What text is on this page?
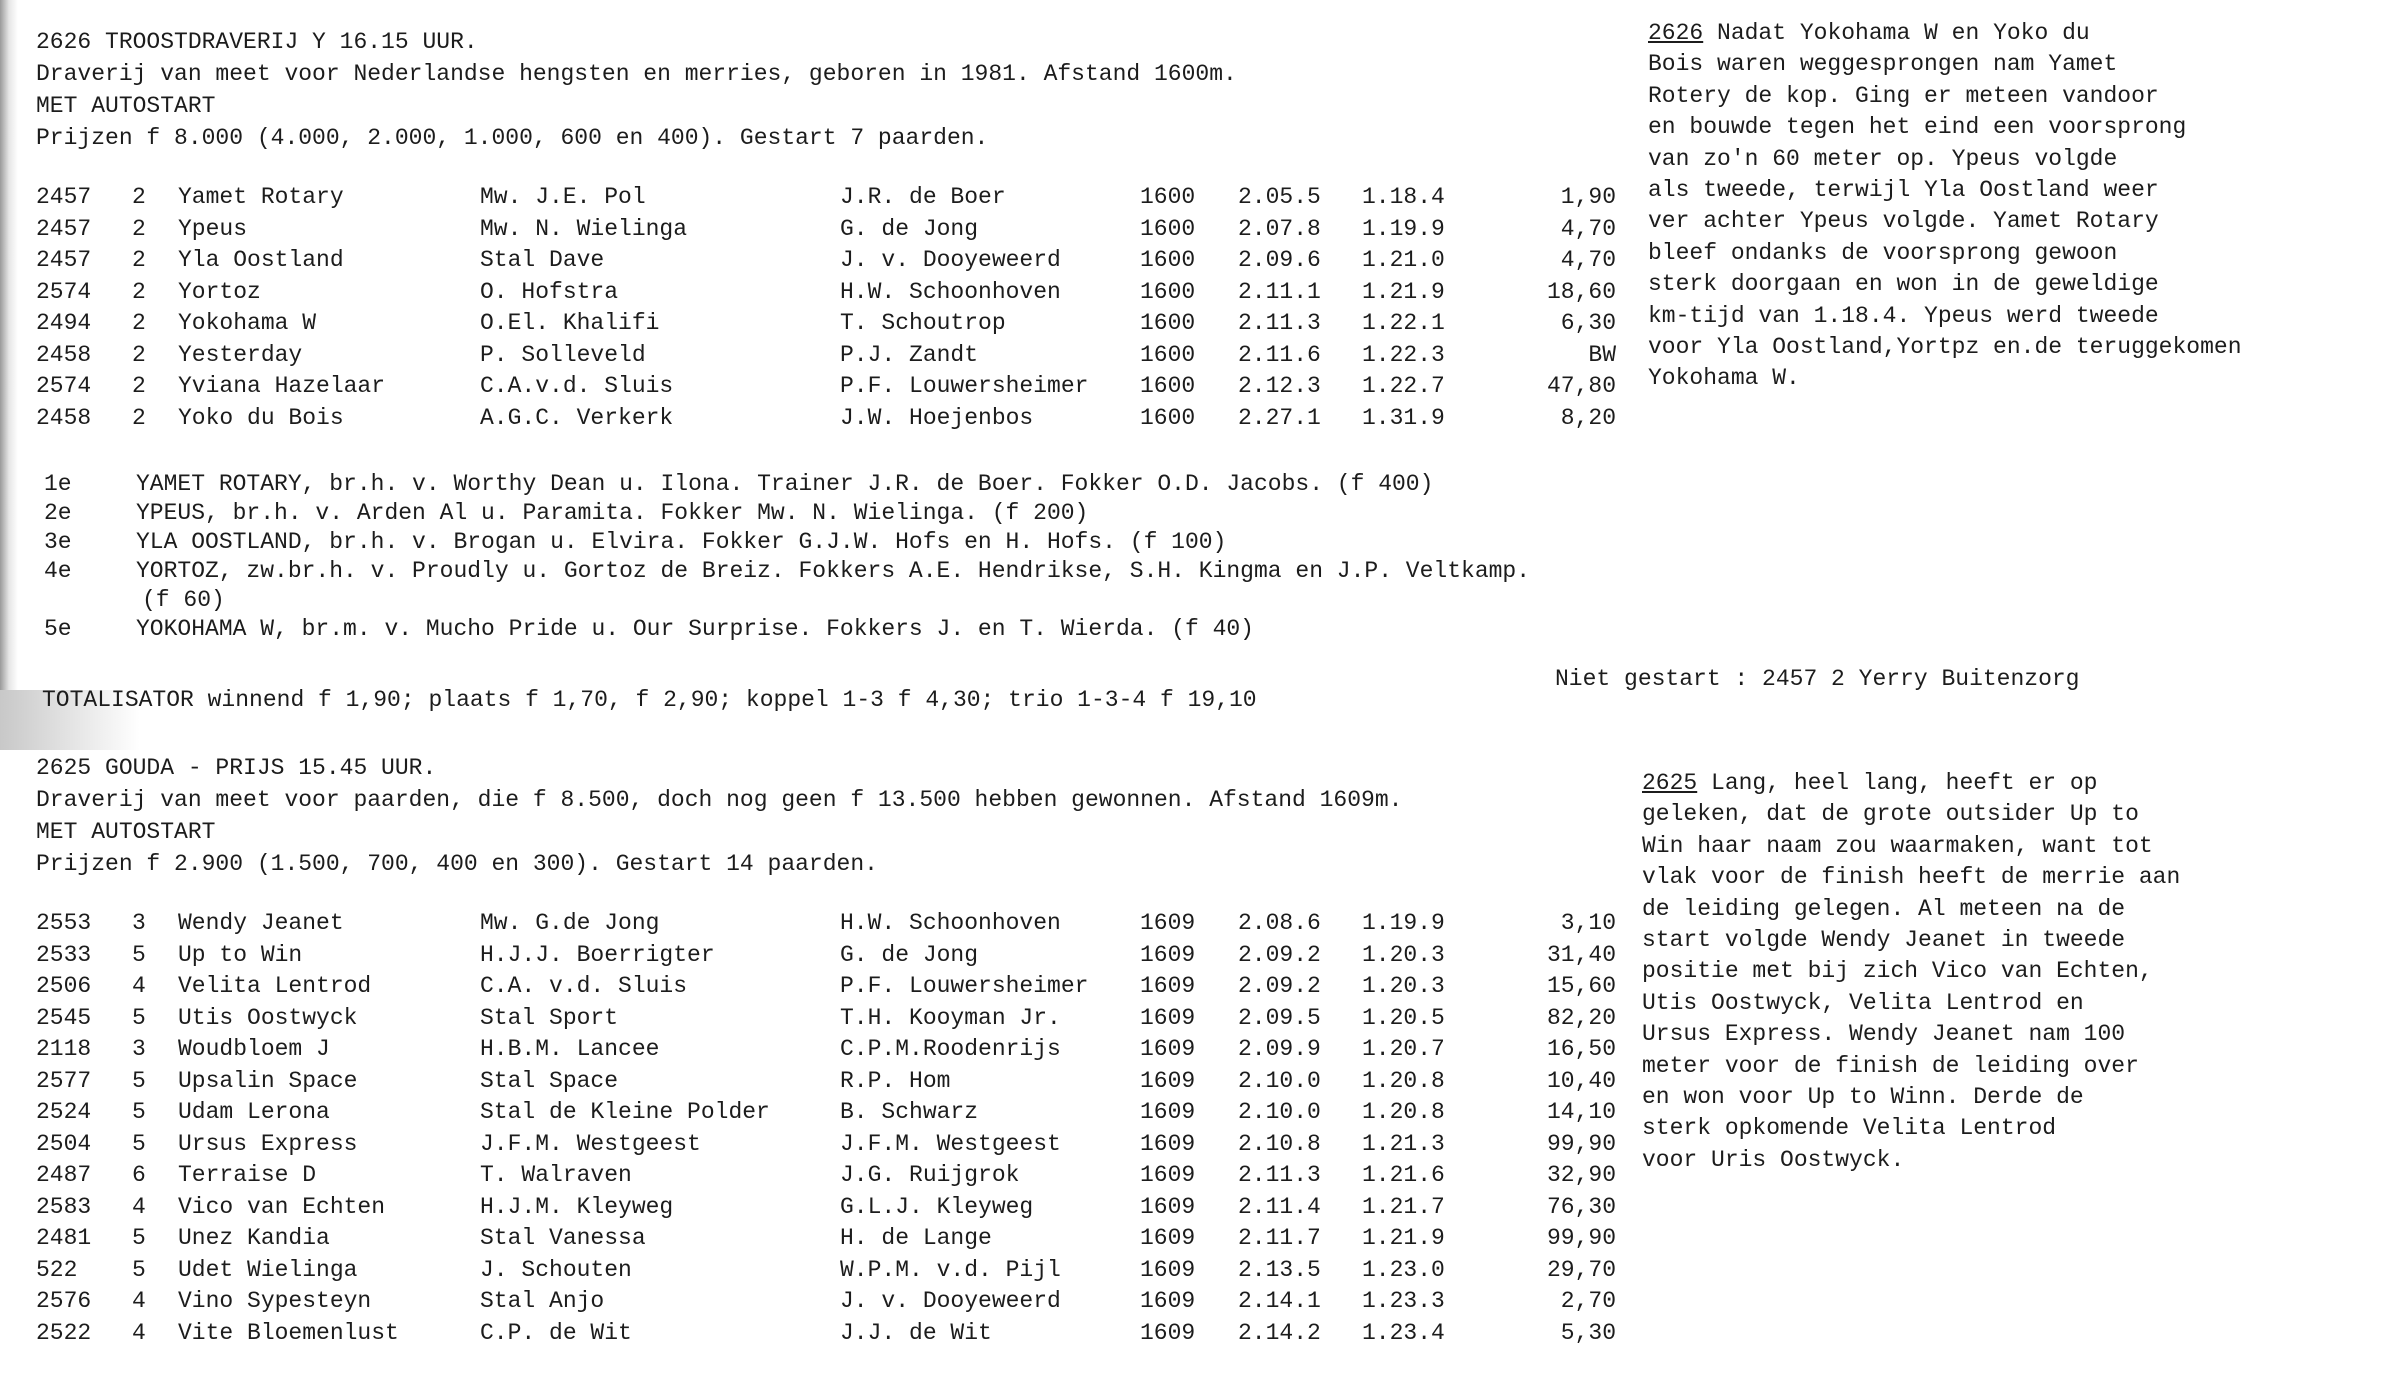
2626 TROOSTDRAVERIJ Y 16.15 UUR.
Draverij van meet voor Nederlandse hengsten en merries, geboren in 1981. Afstand 1600m.
MET AUTOSTART
Prijzen f 8.000 (4.000, 2.000, 1.000, 600 en 400). Gestart 7 paarden.
2457 2 Yamet Rotary	Mw. J.E. Pol	J.R. de Boer	1600 2.05.5 1.18.4	1,90
2457 2 Ypeus	Mw. N. Wielinga	G. de Jong	1600 2.07.8 1.19.9	4,70
2457 2 Yla Oostland	Stal Dave	J. v. Dooyeweerd	1600 2.09.6 1.21.0	4,70
2574 2 Yortoz	O. Hofstra	H.W. Schoonhoven	1600 2.11.1 1.21.9	18,60
2494 2 Yokohama W	O.El. Khalifi	T. Schoutrop	1600 2.11.3 1.22.1	6,30
2458 2 Yesterday	P. Solleveld	P.J. Zandt	1600 2.11.6 1.22.3	BW
2574 2 Yviana Hazelaar	C.A.v.d. Sluis	P.F. Louwersheimer 1600 2.12.3 1.22.7	47,80
2458 2 Yoko du Bois	A.G.C. Verkerk	J.W. Hoejenbos	1600 2.27.1 1.31.9	8,20
1e	YAMET ROTARY, br.h. v. Worthy Dean u. Ilona. Trainer J.R. de Boer. Fokker O.D. Jacobs. (f 400)
2e	YPEUS, br.h. v. Arden Al u. Paramita. Fokker Mw. N. Wielinga. (f 200)
3e	YLA OOSTLAND, br.h. v. Brogan u. Elvira. Fokker G.J.W. Hofs en H. Hofs. (f 100)
4e	YORTOZ, zw.br.h. v. Proudly u. Gortoz de Breiz. Fokkers A.E. Hendrikse, S.H. Kingma en J.P. Veltkamp.
(f 60)
5e	YOKOHAMA W, br.m. v. Mucho Pride u. Our Surprise. Fokkers J. en T. Wierda. (f 40)
Niet gestart : 2457 2 Yerry Buitenzorg
TOTALISATOR winnend f 1,90; plaats f 1,70, f 2,90; koppel 1-3 f 4,30; trio 1-3-4 f 19,10
2626 Nadat Yokohama W en Yoko du
Bois waren weggesprongen nam Yamet
Rotery de kop. Ging er meteen vandoor
en bouwde tegen het eind een voorsprong
van zo'n 60 meter op. Ypeus volgde
als tweede, terwijl Yla Oostland weer
ver achter Ypeus volgde. Yamet Rotary
bleef ondanks de voorsprong gewoon
sterk doorgaan en won in de geweldige
km-tijd van 1.18.4. Ypeus werd tweede
voor Yla Oostland,Yortpz en.de teruggekomen
Yokohama W.
2625 GOUDA - PRIJS 15.45 UUR.
Draverij van meet voor paarden, die f 8.500, doch nog geen f 13.500 hebben gewonnen. Afstand 1609m.
MET AUTOSTART
Prijzen f 2.900 (1.500, 700, 400 en 300). Gestart 14 paarden.
2553 3 Wendy Jeanet	Mw. G.de Jong	H.W. Schoonhoven	1609 2.08.6 1.19.9	3,10
2533 5 Up to Win	H.J.J. Boerrigter	G. de Jong	1609 2.09.2 1.20.3	31,40
2506 4 Velita Lentrod	C.A. v.d. Sluis	P.F. Louwersheimer 1609 2.09.2 1.20.3	15,60
2545 5 Utis Oostwyck	Stal Sport	T.H. Kooyman Jr.	1609 2.09.5 1.20.5	82,20
2118 3 Woudbloem J	H.B.M. Lancee	C.P.M.Roodenrijs	1609 2.09.9 1.20.7	16,50
2577 5 Upsalin Space	Stal Space	R.P. Hom	1609 2.10.0 1.20.8	10,40
2524 5 Udam Lerona	Stal de Kleine Polder	B. Schwarz	1609 2.10.0 1.20.8	14,10
2504 5 Ursus Express	J.F.M. Westgeest	J.F.M. Westgeest	1609 2.10.8 1.21.3	99,90
2487 6 Terraise D	T. Walraven	J.G. Ruijgrok	1609 2.11.3 1.21.6	32,90
2583 4 Vico van Echten	H.J.M. Kleyweg	G.L.J. Kleyweg	1609 2.11.4 1.21.7	76,30
2481 5 Unez Kandia	Stal Vanessa	H. de Lange	1609 2.11.7 1.21.9	99,90
522 5 Udet Wielinga	J. Schouten	W.P.M. v.d. Pijl	1609 2.13.5 1.23.0	29,70
2576 4 Vino Sypesteyn	Stal Anjo	J. v. Dooyeweerd	1609 2.14.1 1.23.3	2,70
2522 4 Vite Bloemenlust	C.P. de Wit	J.J. de Wit	1609 2.14.2 1.23.4	5,30
2625 Lang, heel lang, heeft er op
geleken, dat de grote outsider Up to
Win haar naam zou waarmaken, want tot
vlak voor de finish heeft de merrie aan
de leiding gelegen. Al meteen na de
start volgde Wendy Jeanet in tweede
positie met bij zich Vico van Echten,
Utis Oostwyck, Velita Lentrod en
Ursus Express. Wendy Jeanet nam 100
meter voor de finish de leiding over
en won voor Up to Winn. Derde de
sterk opkomende Velita Lentrod
voor Uris Oostwyck.
